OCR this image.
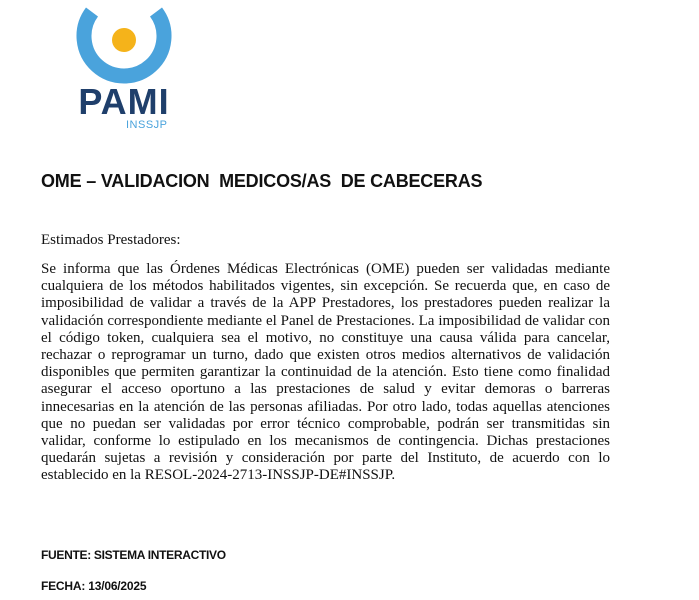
PAMI
INSSJP
OME – VALIDACION  MEDICOS/AS  DE CABECERAS
Estimados Prestadores:
Se informa que las Órdenes Médicas Electrónicas (OME) pueden ser validadas mediante cualquiera de los métodos habilitados vigentes, sin excepción. Se recuerda que, en caso de imposibilidad de validar a través de la APP Prestadores, los prestadores pueden realizar la validación correspondiente mediante el Panel de Prestaciones. La imposibilidad de validar con el código token, cualquiera sea el motivo, no constituye una causa válida para cancelar, rechazar o reprogramar un turno, dado que existen otros medios alternativos de validación disponibles que permiten garantizar la continuidad de la atención. Esto tiene como finalidad asegurar el acceso oportuno a las prestaciones de salud y evitar demoras o barreras innecesarias en la atención de las personas afiliadas. Por otro lado, todas aquellas atenciones que no puedan ser validadas por error técnico comprobable, podrán ser transmitidas sin validar, conforme lo estipulado en los mecanismos de contingencia. Dichas prestaciones quedarán sujetas a revisión y consideración por parte del Instituto, de acuerdo con lo establecido en la RESOL-2024-2713-INSSJP-DE#INSSJP.
FUENTE: SISTEMA INTERACTIVO
FECHA: 13/06/2025
